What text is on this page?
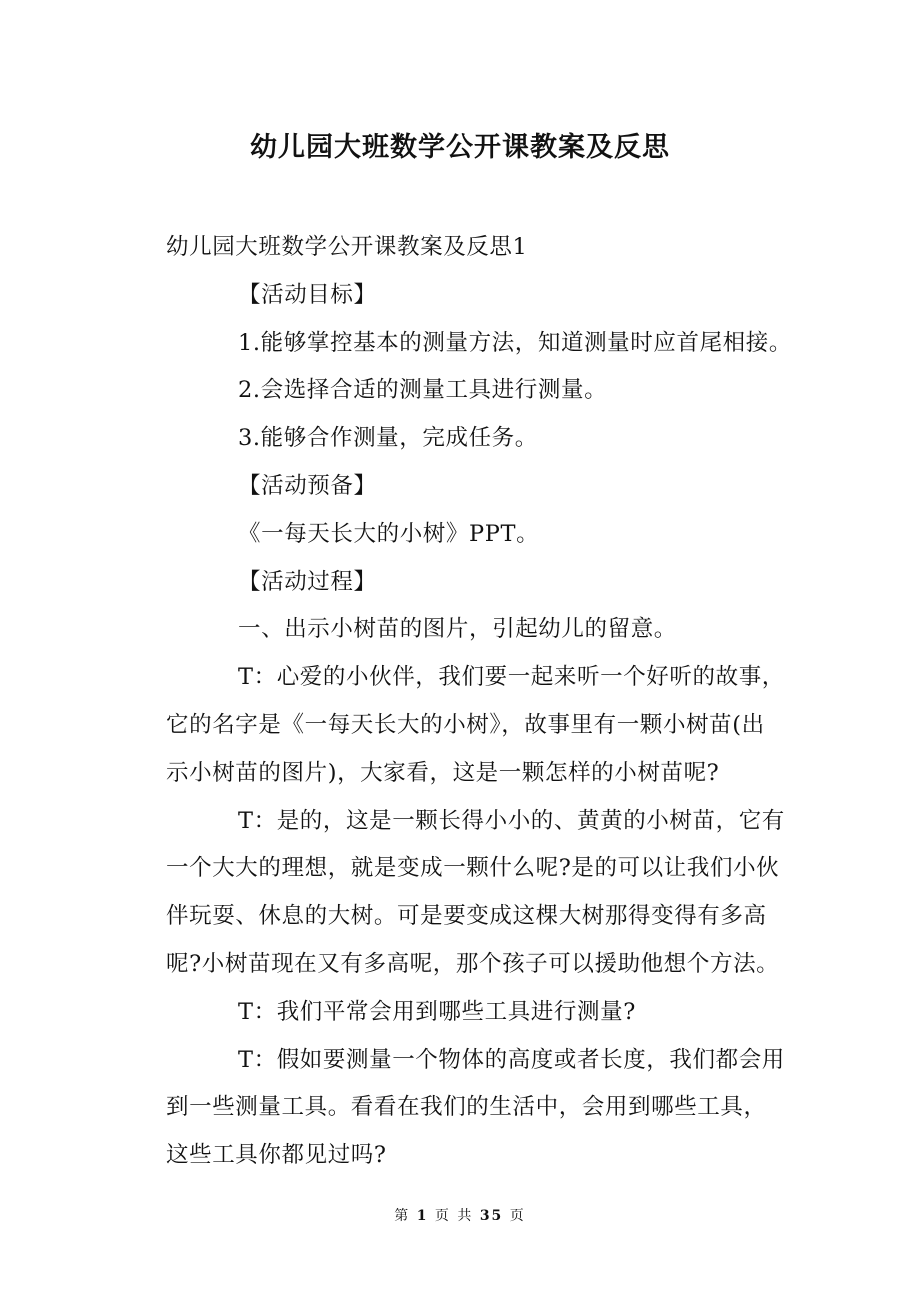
幼儿园大班数学公开课教案及反思

幼儿园大班数学公开课教案及反思1

【活动目标】

1.能够掌控基本的测量方法，知道测量时应首尾相接。

2.会选择合适的测量工具进行测量。

3.能够合作测量，完成任务。

【活动预备】

《一每天长大的小树》PPT。

【活动过程】

一、出示小树苗的图片，引起幼儿的留意。

T：心爱的小伙伴，我们要一起来听一个好听的故事，

它的名字是《一每天长大的小树》，故事里有一颗小树苗(出

示小树苗的图片)，大家看，这是一颗怎样的小树苗呢?

T：是的，这是一颗长得小小的、黄黄的小树苗，它有

一个大大的理想，就是变成一颗什么呢?是的可以让我们小伙

伴玩耍、休息的大树。可是要变成这棵大树那得变得有多高

呢?小树苗现在又有多高呢，那个孩子可以援助他想个方法。

T：我们平常会用到哪些工具进行测量?

T：假如要测量一个物体的高度或者长度，我们都会用

到一些测量工具。看看在我们的生活中，会用到哪些工具，

这些工具你都见过吗?

第 1 页 共 35 页
